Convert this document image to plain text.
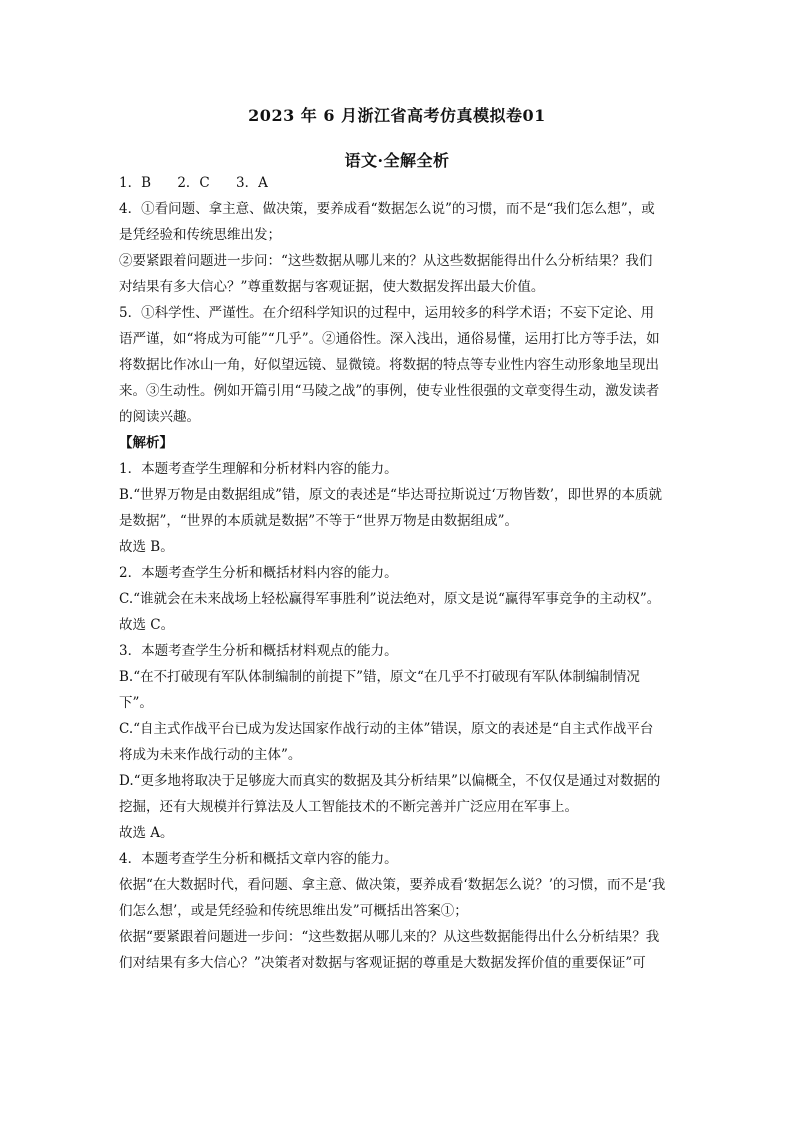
2023 年 6 月浙江省高考仿真模拟卷01
语文·全解全析
1．B 2．C 3．A
4．①看问题、拿主意、做决策，要养成看“数据怎么说”的习惯，而不是“我们怎么想”，或
是凭经验和传统思维出发；
②要紧跟着问题进一步问：“这些数据从哪儿来的？从这些数据能得出什么分析结果？我们
对结果有多大信心？”尊重数据与客观证据，使大数据发挥出最大价值。
5．①科学性、严谨性。在介绍科学知识的过程中，运用较多的科学术语；不妄下定论、用
语严谨，如“将成为可能”“几乎”。②通俗性。深入浅出，通俗易懂，运用打比方等手法，如
将数据比作冰山一角，好似望远镜、显微镜。将数据的特点等专业性内容生动形象地呈现出
来。③生动性。例如开篇引用“马陵之战”的事例，使专业性很强的文章变得生动，激发读者
的阅读兴趣。
【解析】
1．本题考查学生理解和分析材料内容的能力。
B.“世界万物是由数据组成”错，原文的表述是“毕达哥拉斯说过‘万物皆数’，即世界的本质就
是数据”，“世界的本质就是数据”不等于“世界万物是由数据组成”。
故选 B。
2．本题考查学生分析和概括材料内容的能力。
C.“谁就会在未来战场上轻松赢得军事胜利”说法绝对，原文是说“赢得军事竞争的主动权”。
故选 C。
3．本题考查学生分析和概括材料观点的能力。
B.“在不打破现有军队体制编制的前提下”错，原文“在几乎不打破现有军队体制编制情况
下”。
C.“自主式作战平台已成为发达国家作战行动的主体”错误，原文的表述是“自主式作战平台
将成为未来作战行动的主体”。
D.“更多地将取决于足够庞大而真实的数据及其分析结果”以偏概全，不仅仅是通过对数据的
挖掘，还有大规模并行算法及人工智能技术的不断完善并广泛应用在军事上。
故选 A。
4．本题考查学生分析和概括文章内容的能力。
依据“在大数据时代，看问题、拿主意、做决策，要养成看‘数据怎么说？’的习惯，而不是‘我
们怎么想’，或是凭经验和传统思维出发”可概括出答案①；
依据“要紧跟着问题进一步问：“这些数据从哪儿来的？从这些数据能得出什么分析结果？我
们对结果有多大信心？”决策者对数据与客观证据的尊重是大数据发挥价值的重要保证”可
